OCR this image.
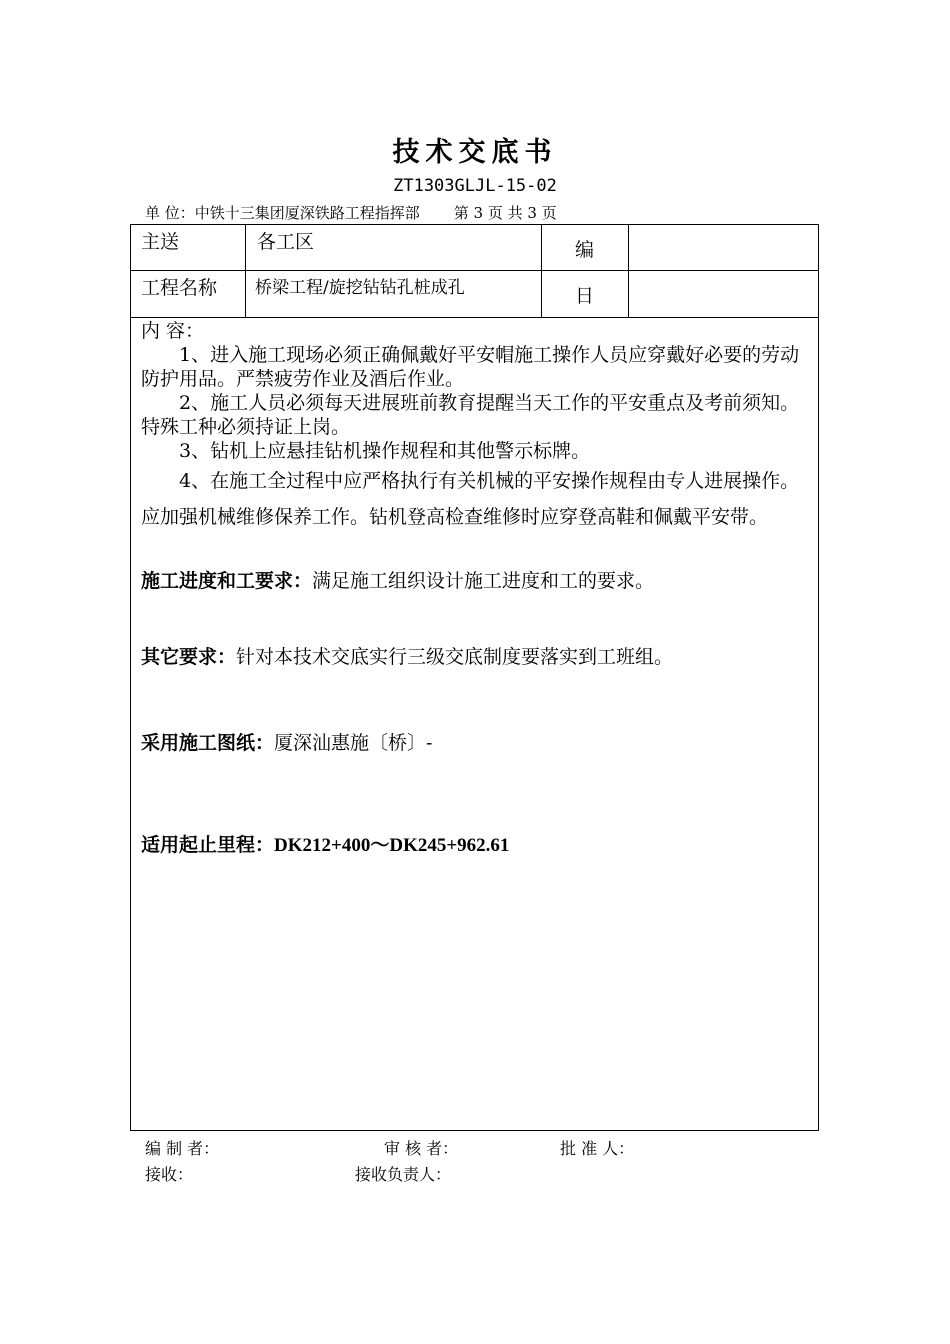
技术交底书
ZT1303GLJL-15-02
单 位：中铁十三集团厦深铁路工程指挥部 第 3 页 共 3 页
主送	各工区	编
工程名称 桥梁工程/旋挖钻钻孔桩成孔	日

内 容：

1、进入施工现场必须正确佩戴好平安帽施工操作人员应穿戴好必要的劳动防护用品。严禁疲劳作业及酒后作业。

2、施工人员必须每天进展班前教育提醒当天工作的平安重点及考前须知。特殊工种必须持证上岗。

3、钻机上应悬挂钻机操作规程和其他警示标牌。

4、在施工全过程中应严格执行有关机械的平安操作规程由专人进展操作。应加强机械维修保养工作。钻机登高检查维修时应穿登高鞋和佩戴平安带。

施工进度和工要求：满足施工组织设计施工进度和工的要求。

其它要求：针对本技术交底实行三级交底制度要落实到工班组。

采用施工图纸：厦深汕惠施〔桥〕-

适用起止里程：DK212+400～DK245+962.61

编 制 者：	审 核 者：	批 准 人：
接收：	接收负责人：
